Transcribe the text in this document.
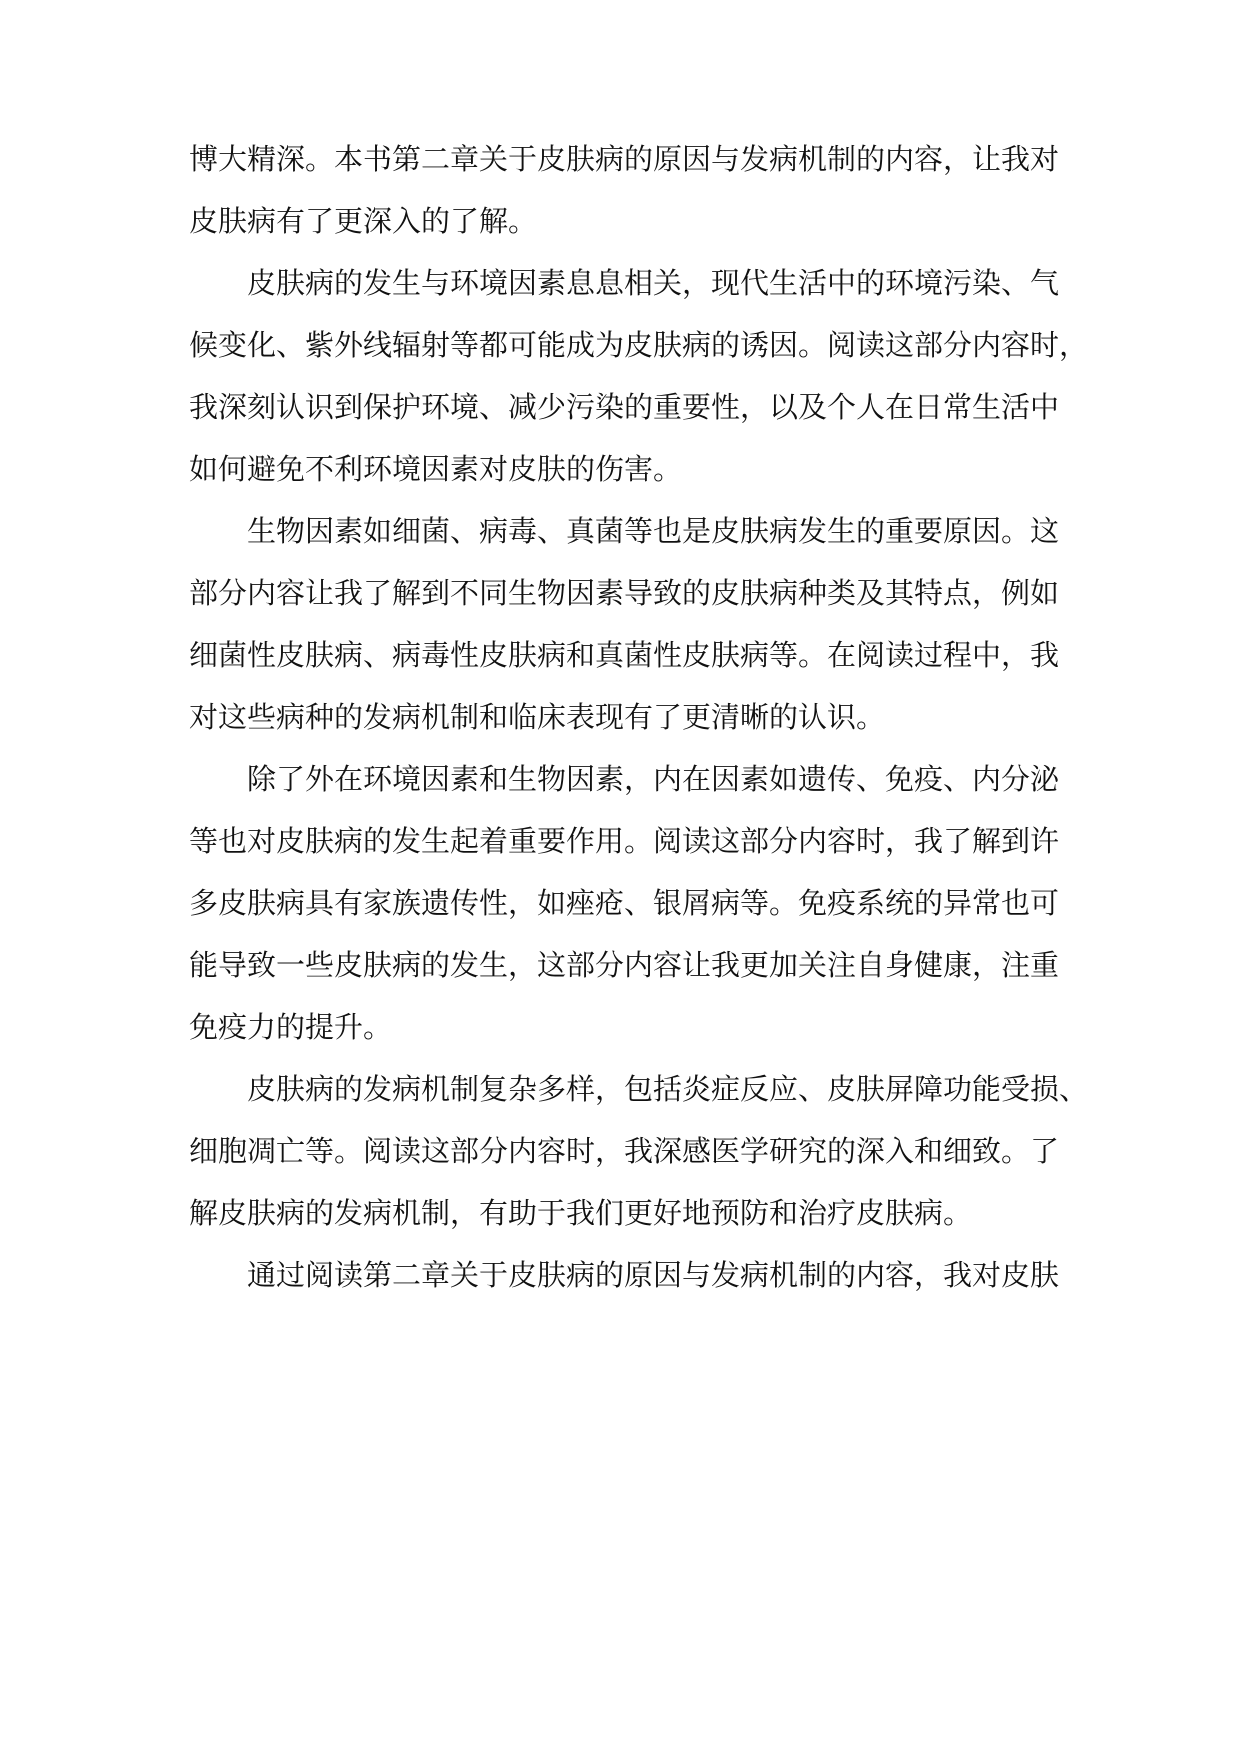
博大精深。本书第二章关于皮肤病的原因与发病机制的内容，让我对
皮肤病有了更深入的了解。
皮肤病的发生与环境因素息息相关，现代生活中的环境污染、气
候变化、紫外线辐射等都可能成为皮肤病的诱因。阅读这部分内容时，
我深刻认识到保护环境、减少污染的重要性，以及个人在日常生活中
如何避免不利环境因素对皮肤的伤害。
生物因素如细菌、病毒、真菌等也是皮肤病发生的重要原因。这
部分内容让我了解到不同生物因素导致的皮肤病种类及其特点，例如
细菌性皮肤病、病毒性皮肤病和真菌性皮肤病等。在阅读过程中，我
对这些病种的发病机制和临床表现有了更清晰的认识。
除了外在环境因素和生物因素，内在因素如遗传、免疫、内分泌
等也对皮肤病的发生起着重要作用。阅读这部分内容时，我了解到许
多皮肤病具有家族遗传性，如痤疮、银屑病等。免疫系统的异常也可
能导致一些皮肤病的发生，这部分内容让我更加关注自身健康，注重
免疫力的提升。
皮肤病的发病机制复杂多样，包括炎症反应、皮肤屏障功能受损、
细胞凋亡等。阅读这部分内容时，我深感医学研究的深入和细致。了
解皮肤病的发病机制，有助于我们更好地预防和治疗皮肤病。
通过阅读第二章关于皮肤病的原因与发病机制的内容，我对皮肤
